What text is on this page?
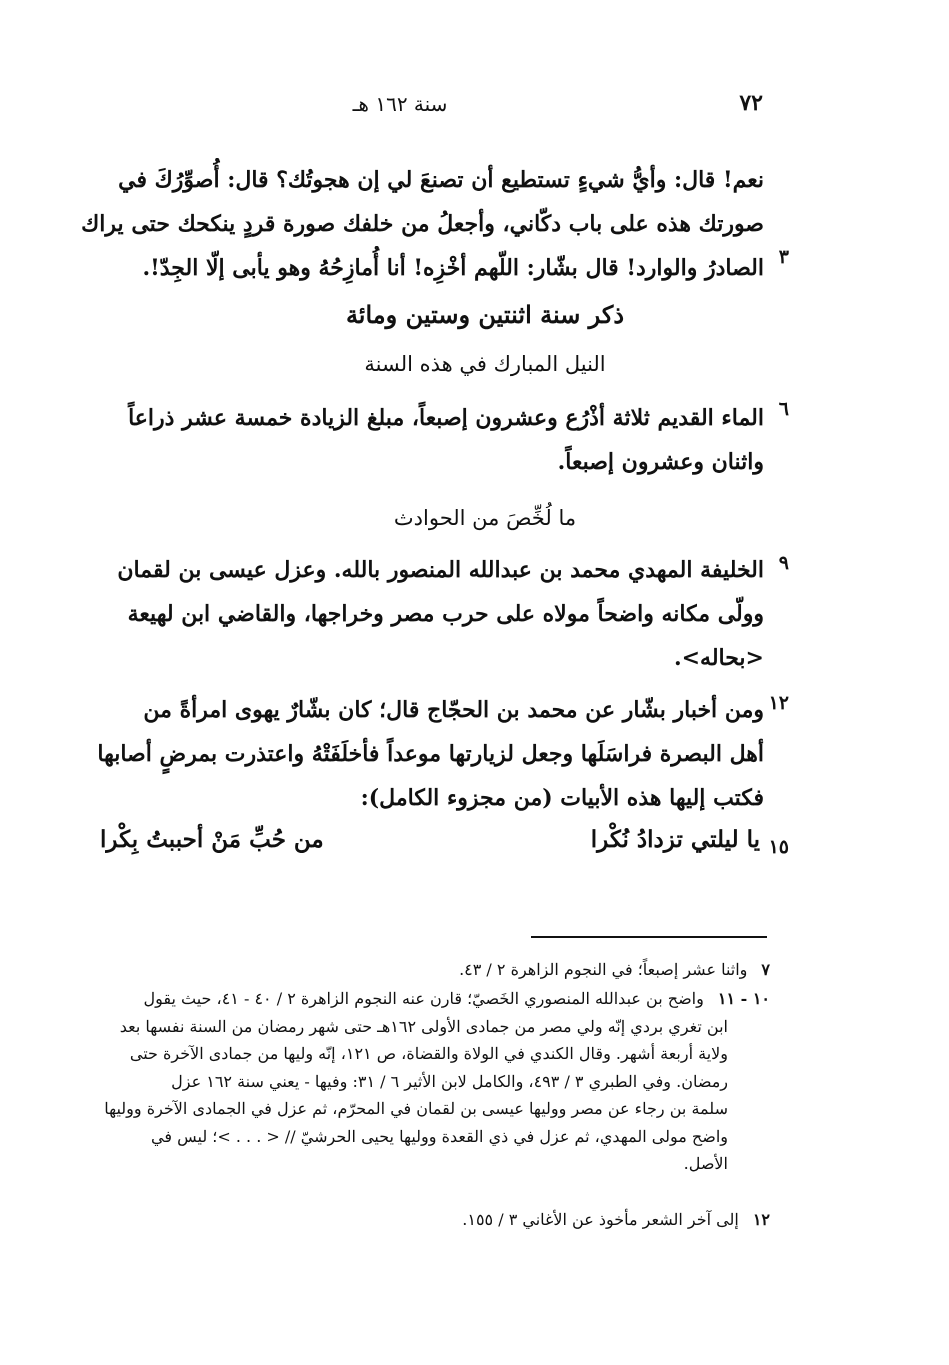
سنة ١٦٢ هـ	٧٢
نعم! قال: وأيُّ شيءٍ تستطيع أن تصنعَ لي إن هجوتُك؟ قال: أُصوِّرُكَ في
صورتك هذه على باب دكّاني، وأجعلُ من خلفك صورة قردٍ ينكحك حتى يراك
الصادرُ والوارد! قال بشّار: اللّهم أخْزِه! أنا أُمازِحُهُ وهو يأبى إلّا الجِدّ!. ٣
ذكر سنة اثنتين وستين ومائة
النيل المبارك في هذه السنة
الماء القديم ثلاثة أذْرُع وعشرون إصبعاً، مبلغ الزيادة خمسة عشر ذراعاً
واثنان وعشرون إصبعاً.
٦
ما لُخِّصَ من الحوادث
الخليفة المهدي محمد بن عبدالله المنصور بالله. وعزل عيسى بن لقمان
وولّى مكانه واضحاً مولاه على حرب مصر وخراجها، والقاضي ابن لهيعة
<بحاله>.
٩
ومن أخبار بشّار عن محمد بن الحجّاج قال؛ كان بشّارٌ يهوى امرأةً من
أهل البصرة فراسَلَها وجعل لزيارتها موعداً فأخلَفَتْهُ واعتذرت بمرضٍ أصابها
فكتب إليها هذه الأبيات (من مجزوء الكامل):
١٢
يا ليلتي تزدادُ نُكْرا
من حُبِّ مَنْ أحببتُ بِكْرا	١٥
٧واثنا عشر إصبعاً؛ في النجوم الزاهرة ٢ / ٤٣.
١٠ - ١١واضح بن عبدالله المنصوري الخَصيّ؛ قارن عنه النجوم الزاهرة ٢ / ٤٠ - ٤١، حيث يقول
ابن تغري بردي إنّه ولي مصر من جمادى الأولى ١٦٢هـ حتى شهر رمضان من السنة نفسها بعد
ولاية أربعة أشهر. وقال الكندي في الولاة والقضاة، ص ١٢١، إنّه وليها من جمادى الآخرة حتى
رمضان. وفي الطبري ٣ / ٤٩٣، والكامل لابن الأثير ٦ / ٣١: وفيها - يعني سنة ١٦٢ عزل
سلمة بن رجاء عن مصر ووليها عيسى بن لقمان في المحرّم، ثم عزل في الجمادى الآخرة ووليها
واضح مولى المهدي، ثم عزل في ذي القعدة ووليها يحيى الحرشيّ // < . . . >؛ ليس في
الأصل.
١٢إلى آخر الشعر مأخوذ عن الأغاني ٣ / ١٥٥.
